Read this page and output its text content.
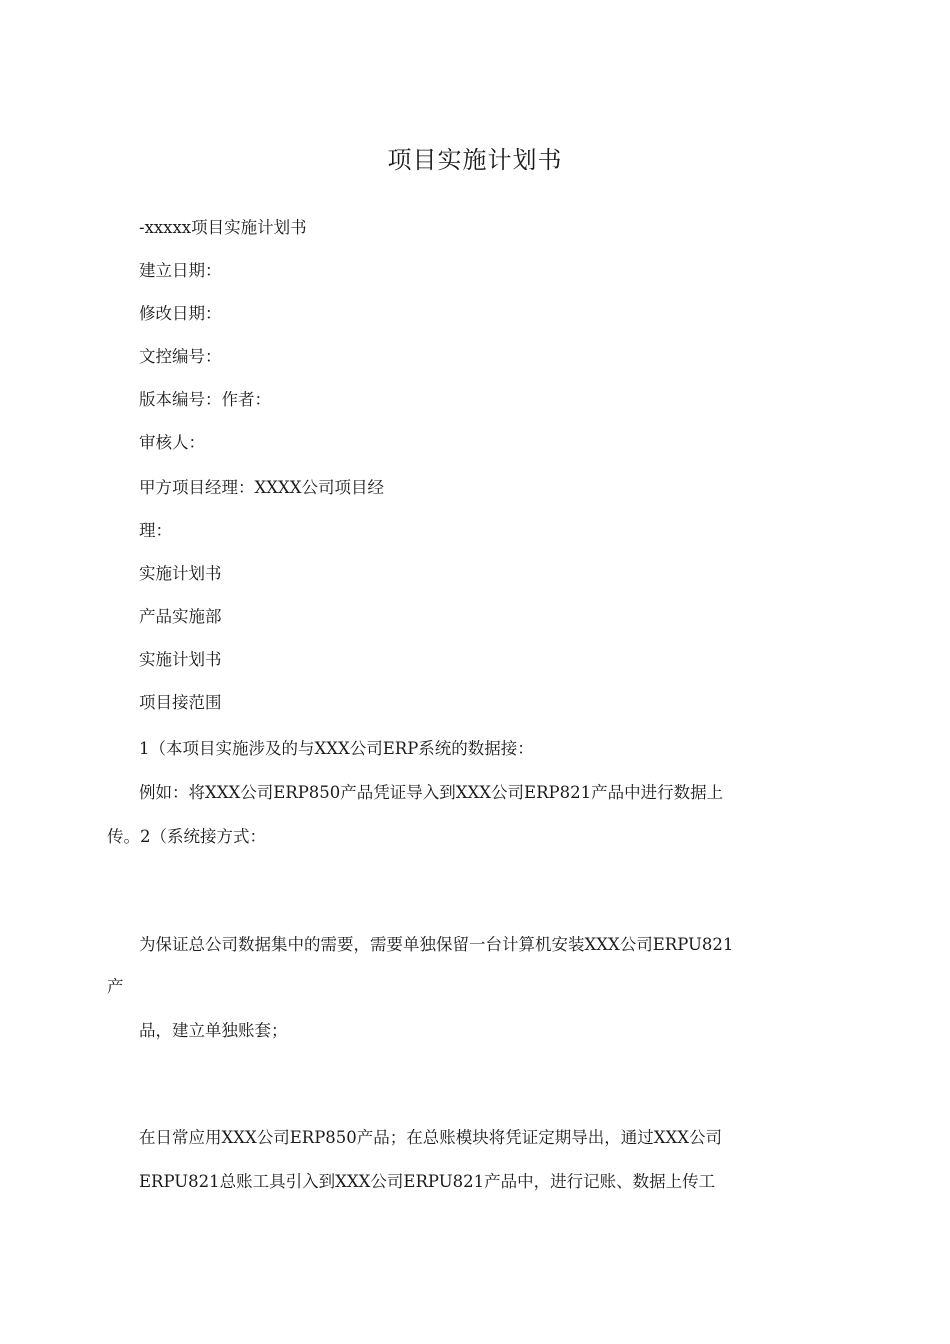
项目实施计划书
-xxxxx项目实施计划书
建立日期：
修改日期：
文控编号：
版本编号：作者：
审核人：
甲方项目经理：XXXX公司项目经
理：
实施计划书
产品实施部
实施计划书
项目接范围
1（本项目实施涉及的与XXX公司ERP系统的数据接：
例如：将XXX公司ERP850产品凭证导入到XXX公司ERP821产品中进行数据上
传。2（系统接方式：
为保证总公司数据集中的需要，需要单独保留一台计算机安装XXX公司ERPU821
产
品，建立单独账套；
在日常应用XXX公司ERP850产品；在总账模块将凭证定期导出，通过XXX公司
ERPU821总账工具引入到XXX公司ERPU821产品中，进行记账、数据上传工
